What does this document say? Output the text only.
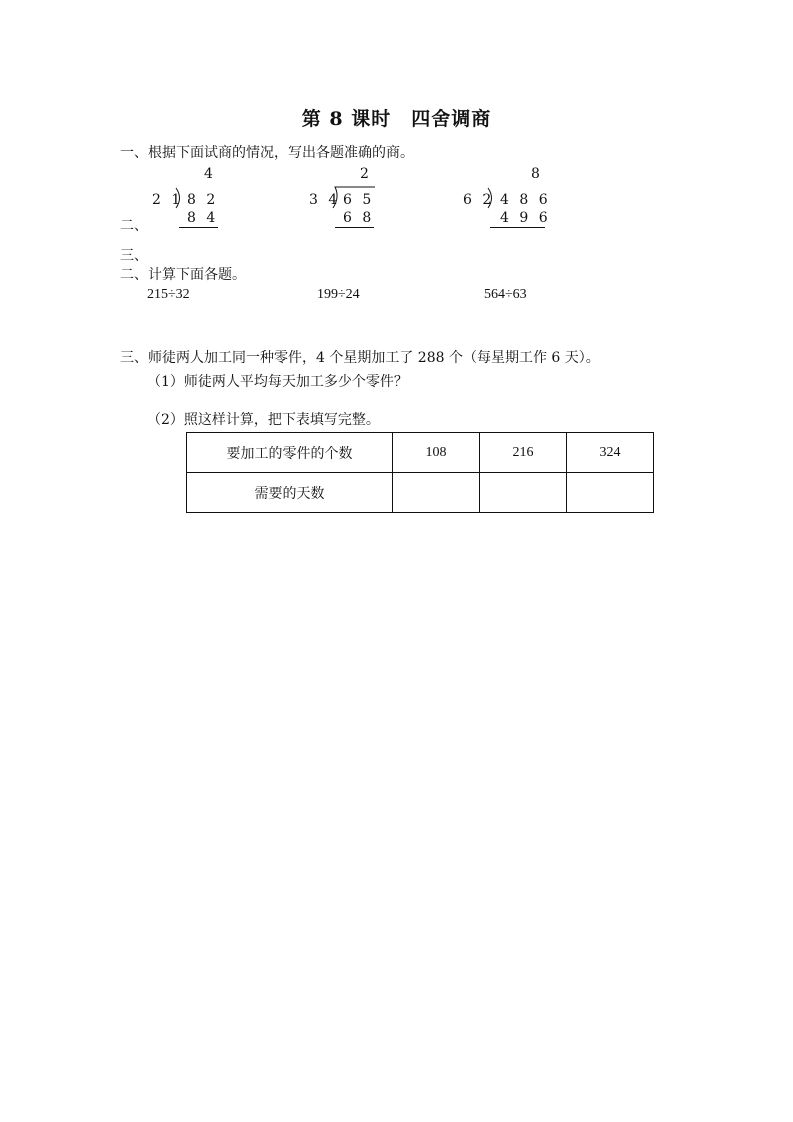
第 8 课时　四舍调商
一、根据下面试商的情况，写出各题准确的商。
4
2 1 8 2
8 4
2
3 4 6 5
6 8
8
6 2 4 8 6
4 9 6
二、
三、
二、计算下面各题。
215÷32	199÷24	564÷63
三、师徒两人加工同一种零件，4 个星期加工了 288 个（每星期工作 6 天）。
（1）师徒两人平均每天加工多少个零件？
（2）照这样计算，把下表填写完整。
要加工的零件的个数	108	216	324
需要的天数			
